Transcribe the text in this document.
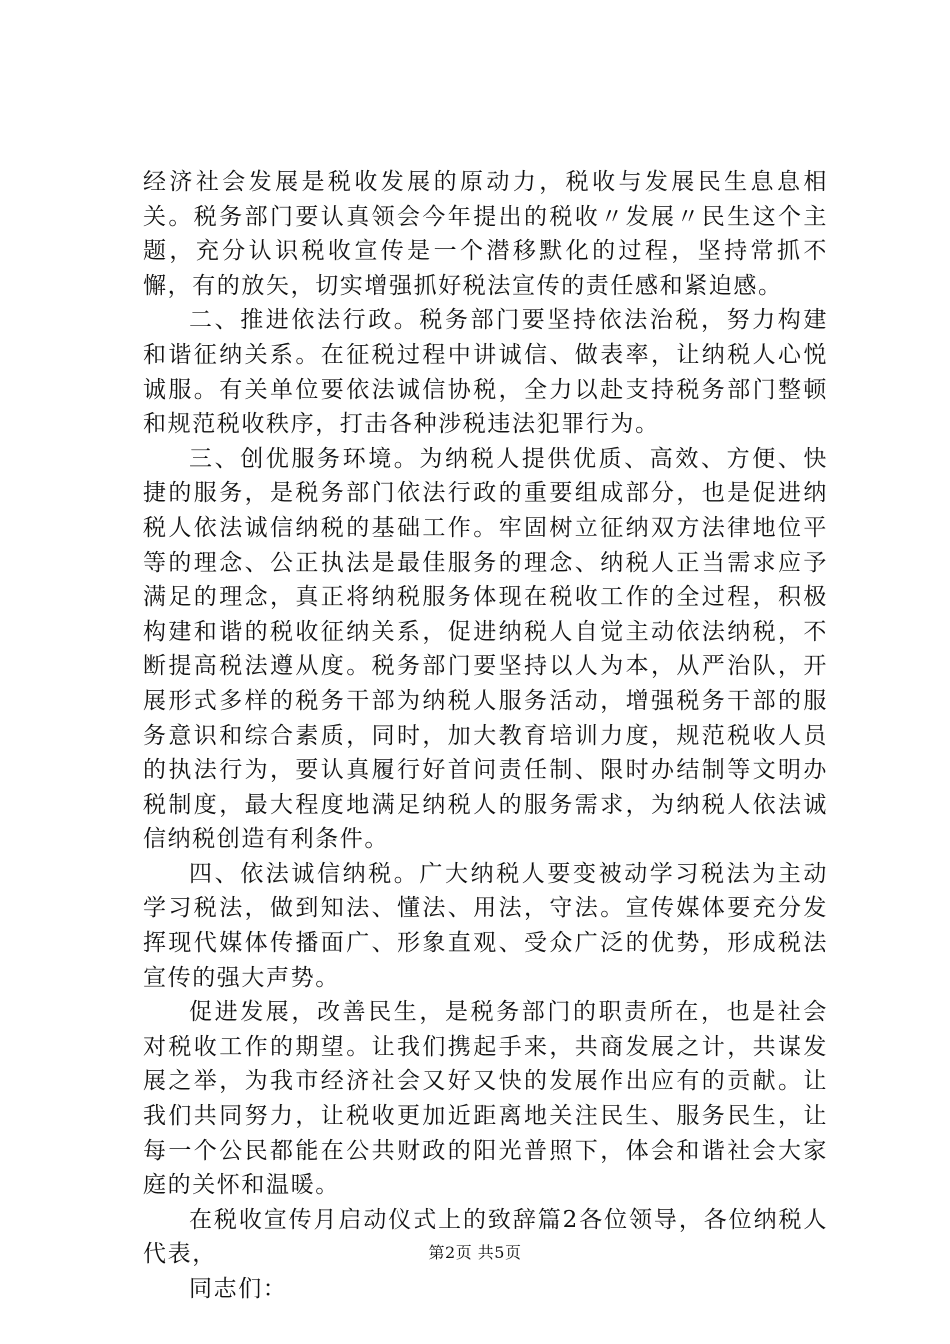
经济社会发展是税收发展的原动力，税收与发展民生息息相关。税务部门要认真领会今年提出的税收〃发展〃民生这个主题，充分认识税收宣传是一个潜移默化的过程，坚持常抓不懈，有的放矢，切实增强抓好税法宣传的责任感和紧迫感。

二、推进依法行政。税务部门要坚持依法治税，努力构建和谐征纳关系。在征税过程中讲诚信、做表率，让纳税人心悦诚服。有关单位要依法诚信协税，全力以赴支持税务部门整顿和规范税收秩序，打击各种涉税违法犯罪行为。

三、创优服务环境。为纳税人提供优质、高效、方便、快捷的服务，是税务部门依法行政的重要组成部分，也是促进纳税人依法诚信纳税的基础工作。牢固树立征纳双方法律地位平等的理念、公正执法是最佳服务的理念、纳税人正当需求应予满足的理念，真正将纳税服务体现在税收工作的全过程，积极构建和谐的税收征纳关系，促进纳税人自觉主动依法纳税，不断提高税法遵从度。税务部门要坚持以人为本，从严治队，开展形式多样的税务干部为纳税人服务活动，增强税务干部的服务意识和综合素质，同时，加大教育培训力度，规范税收人员的执法行为，要认真履行好首问责任制、限时办结制等文明办税制度，最大程度地满足纳税人的服务需求，为纳税人依法诚信纳税创造有利条件。

四、依法诚信纳税。广大纳税人要变被动学习税法为主动学习税法，做到知法、懂法、用法，守法。宣传媒体要充分发挥现代媒体传播面广、形象直观、受众广泛的优势，形成税法宣传的强大声势。

促进发展，改善民生，是税务部门的职责所在，也是社会对税收工作的期望。让我们携起手来，共商发展之计，共谋发展之举，为我市经济社会又好又快的发展作出应有的贡献。让我们共同努力，让税收更加近距离地关注民生、服务民生，让每一个公民都能在公共财政的阳光普照下，体会和谐社会大家庭的关怀和温暖。

在税收宣传月启动仪式上的致辞篇2各位领导，各位纳税人代表，

同志们：

第2页 共5页
